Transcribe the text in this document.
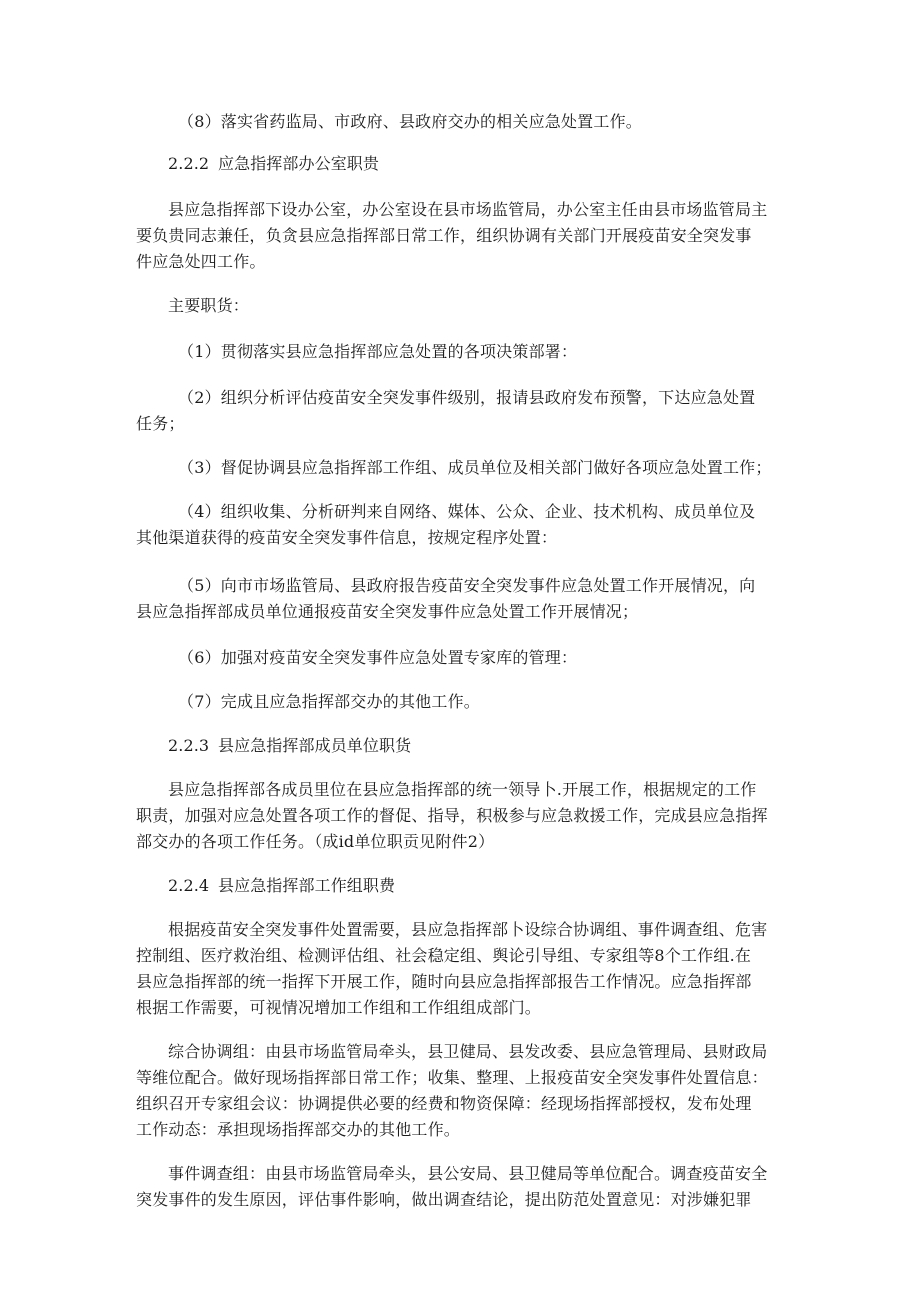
（8）落实省药监局、市政府、县政府交办的相关应急处置工作。
2.2.2 应急指挥部办公室职贵
县应急指挥部下设办公室，办公室设在县市场监管局，办公室主任由县市场监管局主
要负贵同志兼任，负贪县应急指挥部日常工作，组织协调有关部门开展疫苗安全突发事
件应急处四工作。
主要职货：
（1）贯彻落实县应急指挥部应急处置的各项决策部署：
（2）组织分析评估疫苗安全突发事件级别，报请县政府发布预警，下达应急处置
任务；
（3）督促协调县应急指挥部工作组、成员单位及相关部门做好各项应急处置工作；
（4）组织收集、分析研判来自网络、媒体、公众、企业、技术机构、成员单位及
其他渠道获得的疫苗安全突发事件信息，按规定程序处置：
（5）向市市场监管局、县政府报告疫苗安全突发事件应急处置工作开展情况，向
县应急指挥部成员单位通报疫苗安全突发事件应急处置工作开展情况；
（6）加强对疫苗安全突发事件应急处置专家库的管理：
（7）完成且应急指挥部交办的其他工作。
2.2.3 县应急指挥部成员单位职货
县应急指挥部各成员里位在县应急指挥部的统一领导卜.开展工作，根据规定的工作
职责，加强对应急处置各项工作的督促、指导，积极参与应急救援工作，完成县应急指挥
部交办的各项工作任务。（成id单位职贡见附件2）
2.2.4 县应急指挥部工作组职费
根据疫苗安全突发事件处置需要，县应急指挥部卜设综合协调组、事件调查组、危害
控制组、医疗救治组、检测评估组、社会稳定组、舆论引导组、专家组等8个工作组.在
县应急指挥部的统一指挥下开展工作，随时向县应急指挥部报告工作情况。应急指挥部
根据工作需要，可视情况增加工作组和工作组组成部门。
综合协调组：由县市场监管局牵头，县卫健局、县发改委、县应急管理局、县财政局
等维位配合。做好现场指挥部日常工作；收集、整理、上报疫苗安全突发事件处置信息：
组织召开专家组会议：协调提供必要的经费和物资保障：经现场指挥部授权，发布处理
工作动态：承担现场指挥部交办的其他工作。
事件调查组：由县市场监管局牵头，县公安局、县卫健局等单位配合。调查疫苗安全
突发事件的发生原因，评估事件影响，做出调查结论，提出防范处置意见：对涉嫌犯罪
